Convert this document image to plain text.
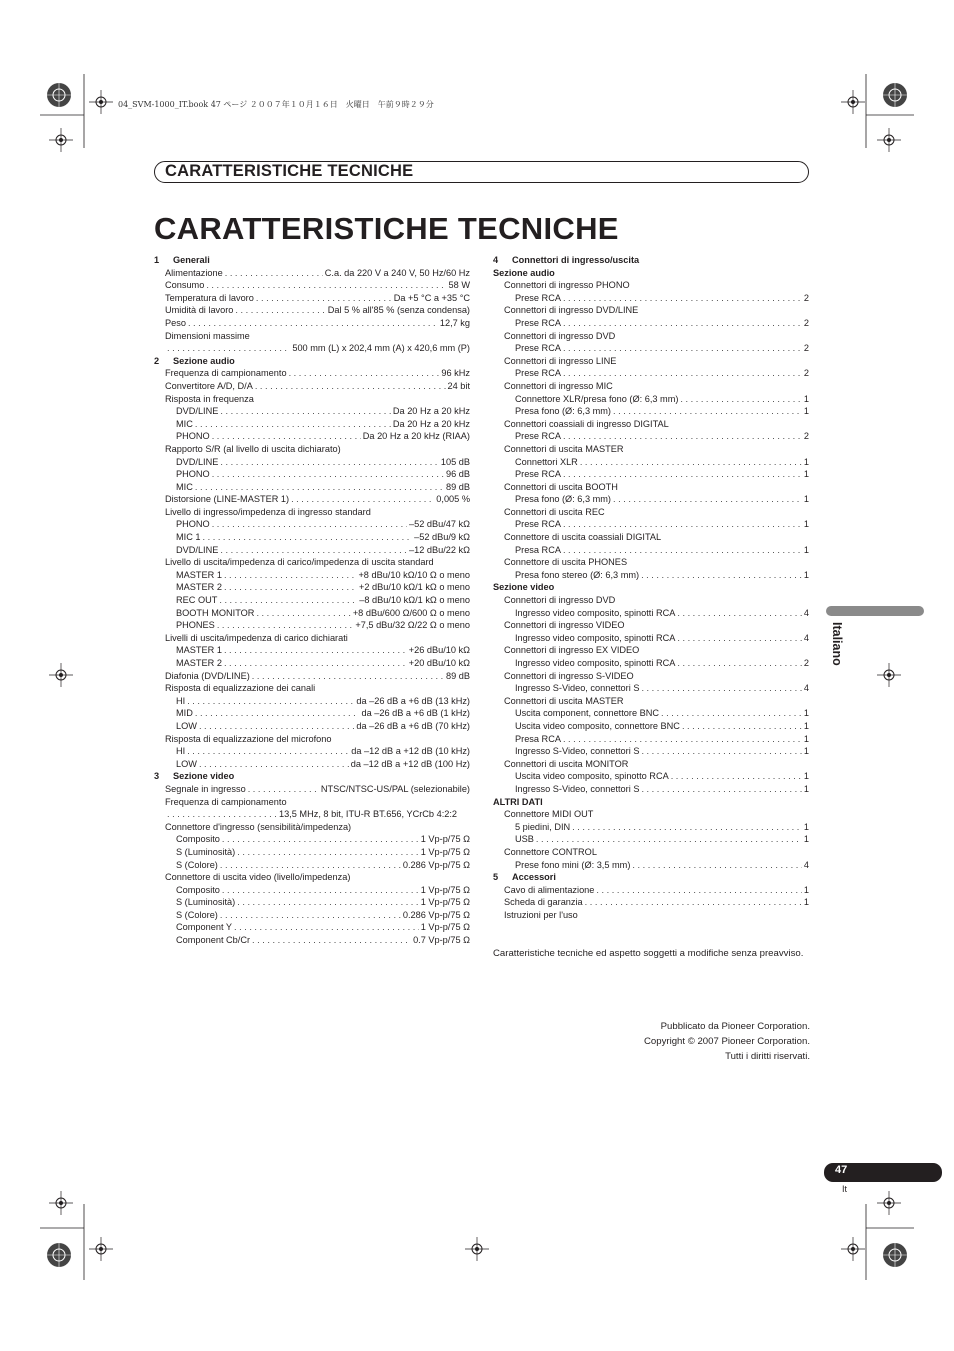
04_SVM-1000_IT.book 47 ページ ２００７年１０月１６日　火曜日　午前９時２９分
CARATTERISTICHE TECNICHE
CARATTERISTICHE TECNICHE
1 Generali
Alimentazione . . .	C.a. da 220 V a 240 V, 50 Hz/60 Hz
Consumo . . .	58 W
Temperatura di lavoro . . .	Da +5 °C a +35 °C
Umidità di lavoro . . .	Dal 5 % all'85 % (senza condensa)
Peso . . .	12,7 kg
Dimensioni massime
. . .
500 mm (L) x 202,4 mm (A) x 420,6 mm (P)
2 Sezione audio
Frequenza di campionamento . . .	96 kHz
Convertitore A/D, D/A . . .	24 bit
Risposta in frequenza
DVD/LINE . . .	Da 20 Hz a 20 kHz
MIC . . .	Da 20 Hz a 20 kHz
PHONO . . .	Da 20 Hz a 20 kHz (RIAA)
Rapporto S/R (al livello di uscita dichiarato)
DVD/LINE . . .	105 dB
PHONO . . .	96 dB
MIC . . .	89 dB
Distorsione (LINE-MASTER 1) . . .	0,005 %
Livello di ingresso/impedenza di ingresso standard
PHONO . . .	–52 dBu/47 kΩ
MIC 1 . . .	–52 dBu/9 kΩ
DVD/LINE . . .	–12 dBu/22 kΩ
Livello di uscita/impedenza di carico/impedenza di uscita standard
MASTER 1 . . .	+8 dBu/10 kΩ/10 Ω o meno
MASTER 2 . . .	+2 dBu/10 kΩ/1 kΩ o meno
REC OUT . . .	–8 dBu/10 kΩ/1 kΩ o meno
BOOTH MONITOR . . .	+8 dBu/600 Ω/600 Ω o meno
PHONES . . .	+7,5 dBu/32 Ω/22 Ω o meno
Livelli di uscita/impedenza di carico dichiarati
MASTER 1 . . .	+26 dBu/10 kΩ
MASTER 2 . . .	+20 dBu/10 kΩ
Diafonia (DVD/LINE) . . .	89 dB
Risposta di equalizzazione dei canali
HI . . .	da –26 dB a +6 dB (13 kHz)
MID . . .	da –26 dB a +6 dB (1 kHz)
LOW . . .	da –26 dB a +6 dB (70 kHz)
Risposta di equalizzazione del microfono
HI . . .	da –12 dB a +12 dB (10 kHz)
LOW . . .	da –12 dB a +12 dB (100 Hz)
3 Sezione video
Segnale in ingresso . . .	NTSC/NTSC-US/PAL (selezionabile)
Frequenza di campionamento
. . .
13,5 MHz, 8 bit, ITU-R BT.656, YCrCb 4:2:2
Connettore d'ingresso (sensibilità/impedenza)
Composito . . .	1 Vp-p/75 Ω
S (Luminosità) . . .	1 Vp-p/75 Ω
S (Colore) . . .	0.286 Vp-p/75 Ω
Connettore di uscita video (livello/impedenza)
Composito . . .	1 Vp-p/75 Ω
S (Luminosità) . . .	1 Vp-p/75 Ω
S (Colore) . . .	0.286 Vp-p/75 Ω
Component Y . . .	1 Vp-p/75 Ω
Component Cb/Cr . . .	0.7 Vp-p/75 Ω
4 Connettori di ingresso/uscita
Sezione audio
Connettori di ingresso PHONO
Prese RCA . . .	2
Connettori di ingresso DVD/LINE
Prese RCA . . .	2
Connettori di ingresso DVD
Prese RCA . . .	2
Connettori di ingresso LINE
Prese RCA . . .	2
Connettori di ingresso MIC
Connettore XLR/presa fono (Ø: 6,3 mm) . . .	1
Presa fono (Ø: 6,3 mm) . . .	1
Connettori coassiali di ingresso DIGITAL
Prese RCA . . .	2
Connettori di uscita MASTER
Connettori XLR . . .	1
Prese RCA . . .	1
Connettori di uscita BOOTH
Presa fono (Ø: 6,3 mm) . . .	1
Connettori di uscita REC
Prese RCA . . .	1
Connettore di uscita coassiali DIGITAL
Presa RCA . . .	1
Connettore di uscita PHONES
Presa fono stereo (Ø: 6,3 mm) . . .	1
Sezione video
Connettori di ingresso DVD
Ingresso video composito, spinotti RCA . . .	4
Connettori di ingresso VIDEO
Ingresso video composito, spinotti RCA . . .	4
Connettori di ingresso EX VIDEO
Ingresso video composito, spinotti RCA . . .	2
Connettori di ingresso S-VIDEO
Ingresso S-Video, connettori S . . .	4
Connettori di uscita MASTER
Uscita component, connettore BNC . . .	1
Uscita video composito, connettore BNC . . .	1
Presa RCA . . .	1
Ingresso S-Video, connettori S . . .	1
Connettori di uscita MONITOR
Uscita video composito, spinotto RCA . . .	1
Ingresso S-Video, connettori S . . .	1
ALTRI DATI
Connettore MIDI OUT
5 piedini, DIN . . .	1
USB . . .	1
Connettore CONTROL
Prese fono mini (Ø: 3,5 mm) . . .	4
5 Accessori
Cavo di alimentazione . . .	1
Scheda di garanzia . . .	1
Istruzioni per l'uso
Caratteristiche tecniche ed aspetto soggetti a modifiche senza preavviso.
Pubblicato da Pioneer Corporation.
Copyright © 2007 Pioneer Corporation.
Tutti i diritti riservati.
Italiano
47
It
